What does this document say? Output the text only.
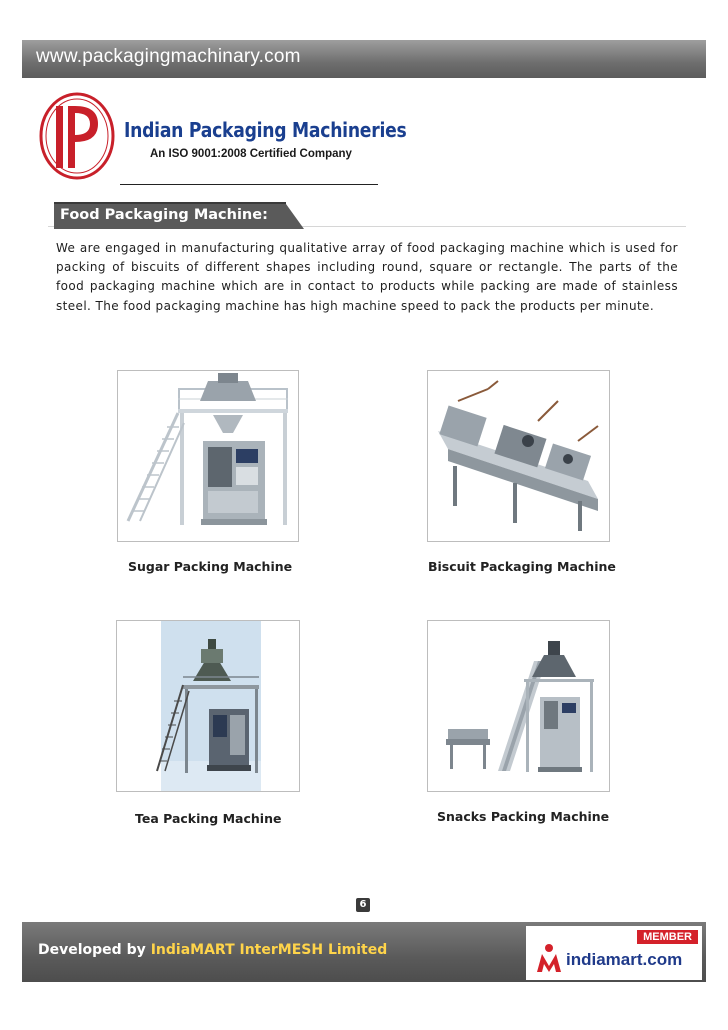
www.packagingmachinary.com
Indian Packaging Machineries
An ISO 9001:2008 Certified Company
Food Packaging Machine:
We are engaged in manufacturing qualitative array of food packaging machine which is used for packing of biscuits of different shapes including round, square or rectangle. The parts of the food packaging machine which are in contact to products while packing are made of stainless steel. The food packaging machine has high machine speed to pack the products per minute.
Sugar Packing Machine	Biscuit Packaging Machine
Tea Packing Machine	Snacks Packing Machine
6
Developed by IndiaMART InterMESH Limited
MEMBER
indiamart.com
